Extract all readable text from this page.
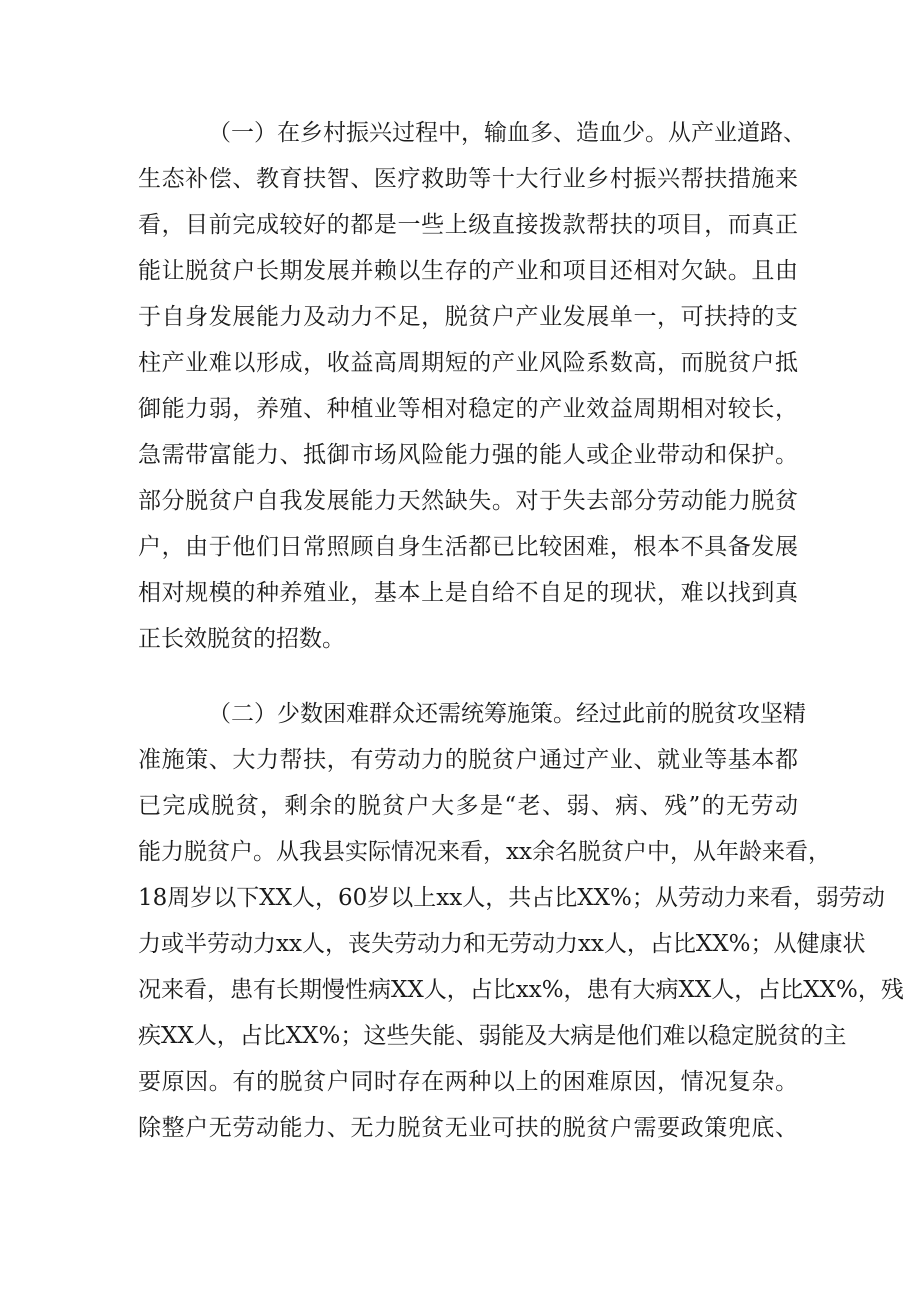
（一）在乡村振兴过程中，输血多、造血少。从产业道路、
生态补偿、教育扶智、医疗救助等十大行业乡村振兴帮扶措施来
看，目前完成较好的都是一些上级直接拨款帮扶的项目，而真正
能让脱贫户长期发展并赖以生存的产业和项目还相对欠缺。且由
于自身发展能力及动力不足，脱贫户产业发展单一，可扶持的支
柱产业难以形成，收益高周期短的产业风险系数高，而脱贫户抵
御能力弱，养殖、种植业等相对稳定的产业效益周期相对较长，
急需带富能力、抵御市场风险能力强的能人或企业带动和保护。
部分脱贫户自我发展能力天然缺失。对于失去部分劳动能力脱贫
户，由于他们日常照顾自身生活都已比较困难，根本不具备发展
相对规模的种养殖业，基本上是自给不自足的现状，难以找到真
正长效脱贫的招数。
（二）少数困难群众还需统筹施策。经过此前的脱贫攻坚精
准施策、大力帮扶，有劳动力的脱贫户通过产业、就业等基本都
已完成脱贫，剩余的脱贫户大多是“老、弱、病、残”的无劳动
能力脱贫户。从我县实际情况来看，xx余名脱贫户中，从年龄来看，
18周岁以下XX人，60岁以上xx人，共占比XX%；从劳动力来看，弱劳动
力或半劳动力xx人，丧失劳动力和无劳动力xx人，占比XX%；从健康状
况来看，患有长期慢性病XX人，占比xx%，患有大病XX人，占比XX%，残
疾XX人，占比XX%；这些失能、弱能及大病是他们难以稳定脱贫的主
要原因。有的脱贫户同时存在两种以上的困难原因，情况复杂。
除整户无劳动能力、无力脱贫无业可扶的脱贫户需要政策兜底、
